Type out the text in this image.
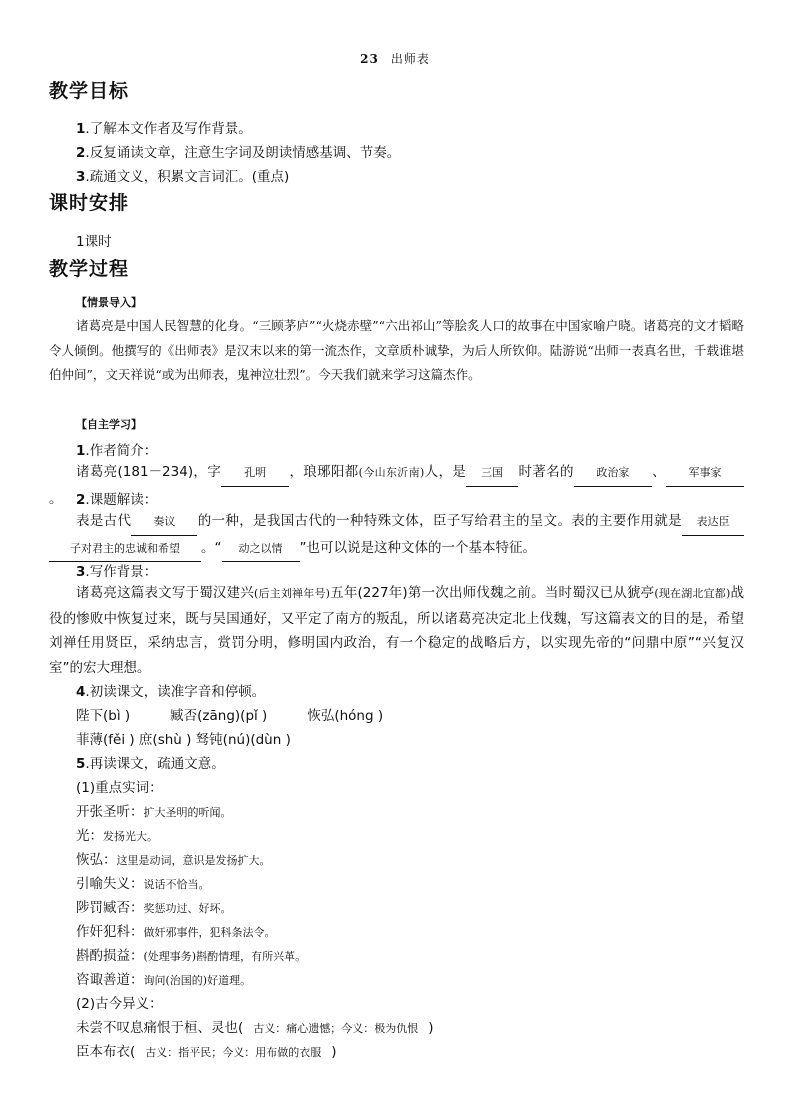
23 出师表
教学目标
1.了解本文作者及写作背景。
2.反复诵读文章，注意生字词及朗读情感基调、节奏。
3.疏通文义，积累文言词汇。(重点)
课时安排
1课时
教学过程
【情景导入】
诸葛亮是中国人民智慧的化身。“三顾茅庐”“火烧赤壁”“六出祁山”等脍炙人口的故事在中国家喻户晓。诸葛亮的文才韬略令人倾倒。他撰写的《出师表》是汉末以来的第一流杰作，文章质朴诚挚，为后人所钦仰。陆游说“出师一表真名世，千载谁堪伯仲间”，文天祥说“或为出师表，鬼神泣壮烈”。今天我们就来学习这篇杰作。
【自主学习】
1.作者简介：
诸葛亮(181－234)，字 孔明 ，琅琊阳都(今山东沂南)人，是 三国 时著名的 政治家 、 军事家。	2.课题解读：
表是古代 奏议 的一种，是我国古代的一种特殊文体，臣子写给君主的呈文。表的主要作用就是 表达臣子对君主的忠诚和希望 。“ 动之以情 ”也可以说是这种文体的一个基本特征。
3.写作背景：
诸葛亮这篇表文写于蜀汉建兴(后主刘禅年号)五年(227年)第一次出师伐魏之前。当时蜀汉已从猇亭(现在湖北宜都)战役的惨败中恢复过来，既与吴国通好，又平定了南方的叛乱，所以诸葛亮决定北上伐魏，写这篇表文的目的是，希望刘禅任用贤臣，采纳忠言，赏罚分明，修明国内政治，有一个稳定的战略后方，以实现先帝的“问鼎中原”“兴复汉室”的宏大理想。
4.初读课文，读准字音和停顿。
陛下(bì )	臧否(zāng)(pǐ )	恢弘(hóng )
菲薄(fěi ) 庶(shù ) 驽钝(nú)(dùn )
5.再读课文，疏通文意。
(1)重点实词：
开张圣听：扩大圣明的听闻。
光：发扬光大。
恢弘：这里是动词，意识是发扬扩大。
引喻失义：说话不恰当。
陟罚臧否：奖惩功过、好坏。
作奸犯科：做奸邪事件，犯科条法令。
斟酌损益：(处理事务)斟酌情理，有所兴革。
咨诹善道：询问(治国的)好道理。
(2)古今异义：
未尝不叹息痛恨于桓、灵也( 古义：痛心遗憾；今义：极为仇恨 )
臣本布衣( 古义：指平民；今义：用布做的衣服 )
